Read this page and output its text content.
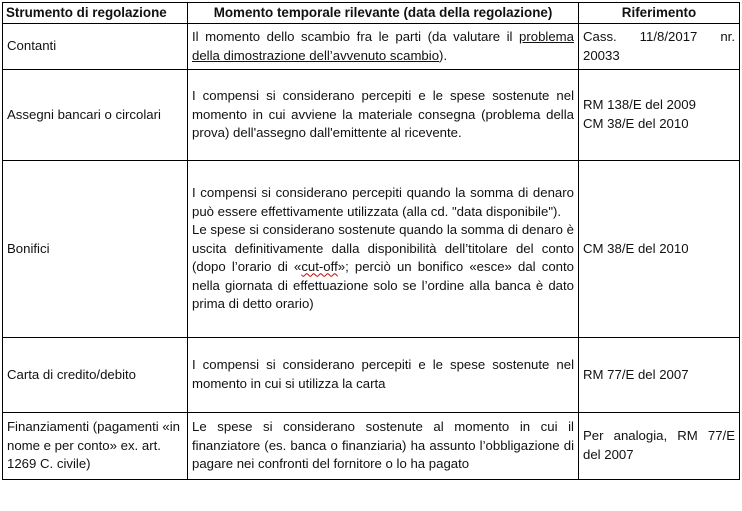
Strumento di regolazione	Momento temporale rilevante (data della regolazione)	Riferimento
Contanti	Il momento dello scambio fra le parti (da valutare il problema della dimostrazione dell’avvenuto scambio).	Cass. 11/8/2017 nr. 20033

Assegni bancari o circolari	I compensi si considerano percepiti e le spese sostenute nel momento in cui avviene la materiale consegna (problema della prova) dell'assegno dall'emittente al ricevente.	RM 138/E del 2009
CM 38/E del 2010

Bonifici	I compensi si considerano percepiti quando la somma di denaro può essere effettivamente utilizzata (alla cd. "data disponibile").
Le spese si considerano sostenute quando la somma di denaro è uscita definitivamente dalla disponibilità dell’titolare del conto (dopo l’orario di «cut-off»; perciò un bonifico «esce» dal conto nella giornata di effettuazione solo se l’ordine alla banca è dato prima di detto orario)	CM 38/E del 2010

Carta di credito/debito	I compensi si considerano percepiti e le spese sostenute nel momento in cui si utilizza la carta	RM 77/E del 2007

Finanziamenti (pagamenti «in nome e per conto» ex. art. 1269 C. civile)	Le spese si considerano sostenute al momento in cui il finanziatore (es. banca o finanziaria) ha assunto l’obbligazione di pagare nei confronti del fornitore o lo ha pagato	Per analogia, RM 77/E del 2007
